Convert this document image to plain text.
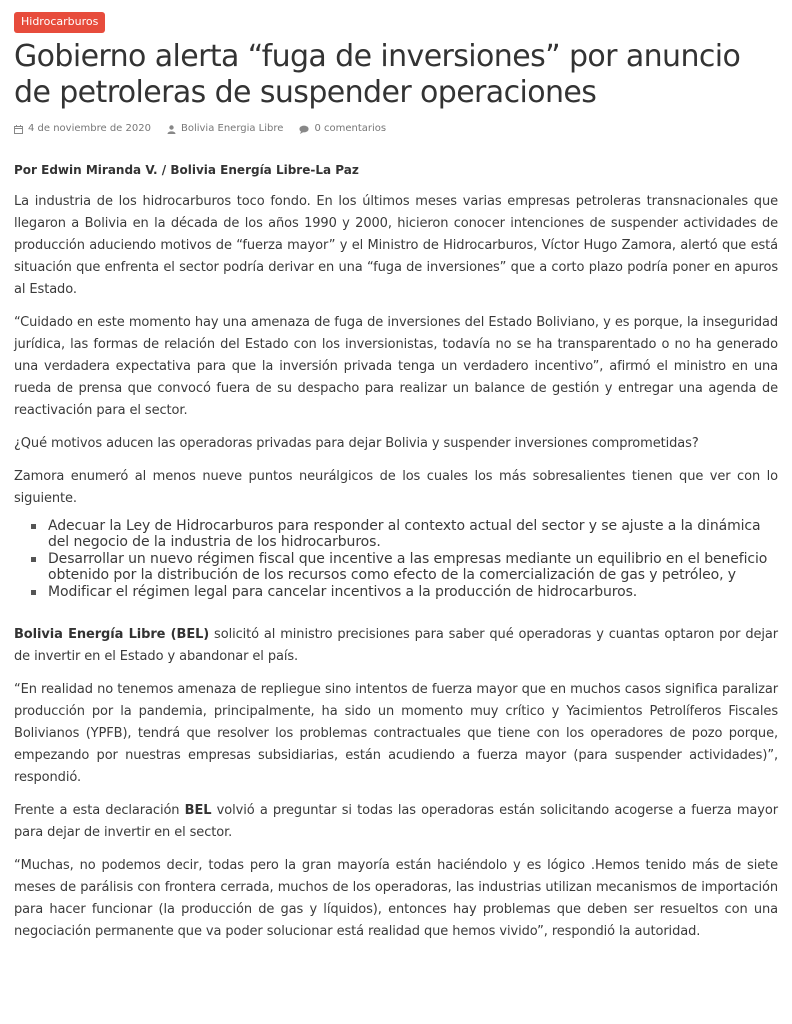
Hidrocarburos
Gobierno alerta “fuga de inversiones” por anuncio de petroleras de suspender operaciones
4 de noviembre de 2020	Bolivia Energia Libre	0 comentarios
Por Edwin Miranda V. / Bolivia Energía Libre-La Paz

La industria de los hidrocarburos toco fondo. En los últimos meses varias empresas petroleras transnacionales que llegaron a Bolivia en la década de los años 1990 y 2000, hicieron conocer intenciones de suspender actividades de producción aduciendo motivos de “fuerza mayor” y el Ministro de Hidrocarburos, Víctor Hugo Zamora, alertó que está situación que enfrenta el sector podría derivar en una “fuga de inversiones” que a corto plazo podría poner en apuros al Estado.

“Cuidado en este momento hay una amenaza de fuga de inversiones del Estado Boliviano, y es porque, la inseguridad jurídica, las formas de relación del Estado con los inversionistas, todavía no se ha transparentado o no ha generado una verdadera expectativa para que la inversión privada tenga un verdadero incentivo”, afirmó el ministro en una rueda de prensa que convocó fuera de su despacho para realizar un balance de gestión y entregar una agenda de reactivación para el sector.

¿Qué motivos aducen las operadoras privadas para dejar Bolivia y suspender inversiones comprometidas?

Zamora enumeró al menos nueve puntos neurálgicos de los cuales los más sobresalientes tienen que ver con lo siguiente.

Adecuar la Ley de Hidrocarburos para responder al contexto actual del sector y se ajuste a la dinámica del negocio de la industria de los hidrocarburos.
Desarrollar un nuevo régimen fiscal que incentive a las empresas mediante un equilibrio en el beneficio obtenido por la distribución de los recursos como efecto de la comercialización de gas y petróleo, y
Modificar el régimen legal para cancelar incentivos a la producción de hidrocarburos.

Bolivia Energía Libre (BEL) solicitó al ministro precisiones para saber qué operadoras y cuantas optaron por dejar de invertir en el Estado y abandonar el país.

“En realidad no tenemos amenaza de repliegue sino intentos de fuerza mayor que en muchos casos significa paralizar producción por la pandemia, principalmente, ha sido un momento muy crítico y Yacimientos Petrolíferos Fiscales Bolivianos (YPFB), tendrá que resolver los problemas contractuales que tiene con los operadores de pozo porque, empezando por nuestras empresas subsidiarias, están acudiendo a fuerza mayor (para suspender actividades)”, respondió.

Frente a esta declaración BEL volvió a preguntar si todas las operadoras están solicitando acogerse a fuerza mayor para dejar de invertir en el sector.

“Muchas, no podemos decir, todas pero la gran mayoría están haciéndolo y es lógico .Hemos tenido más de siete meses de parálisis con frontera cerrada, muchos de los operadoras, las industrias utilizan mecanismos de importación para hacer funcionar (la producción de gas y líquidos), entonces hay problemas que deben ser resueltos con una negociación permanente que va poder solucionar está realidad que hemos vivido”, respondió la autoridad.
